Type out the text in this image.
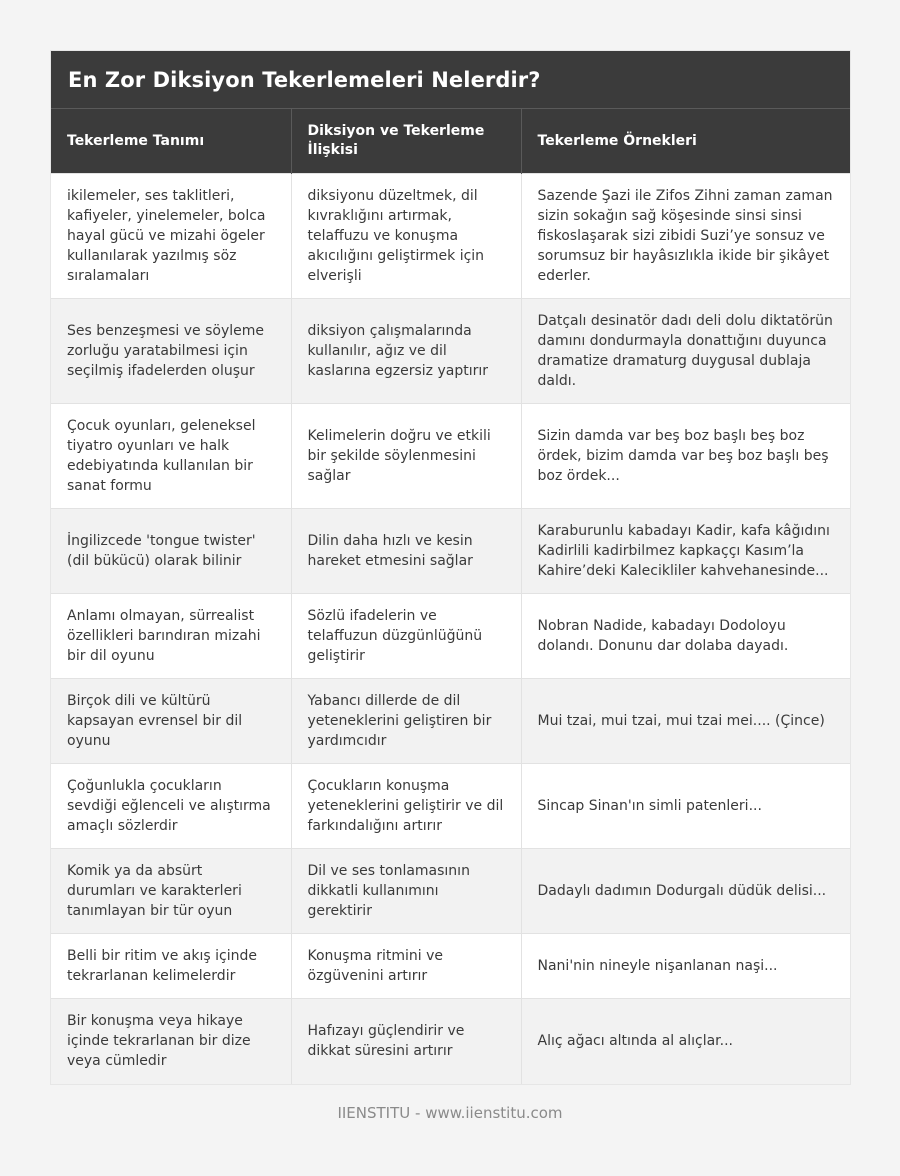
En Zor Diksiyon Tekerlemeleri Nelerdir?
Tekerleme Tanımı	Diksiyon ve Tekerleme İlişkisi	Tekerleme Örnekleri
ikilemeler, ses taklitleri, kafiyeler, yinelemeler, bolca hayal gücü ve mizahi ögeler kullanılarak yazılmış söz sıralamaları	diksiyonu düzeltmek, dil kıvraklığını artırmak, telaffuzu ve konuşma akıcılığını geliştirmek için elverişli	Sazende Şazi ile Zifos Zihni zaman zaman sizin sokağın sağ köşesinde sinsi sinsi fiskoslaşarak sizi zibidi Suzi’ye sonsuz ve sorumsuz bir hayâsızlıkla ikide bir şikâyet ederler.
Ses benzeşmesi ve söyleme zorluğu yaratabilmesi için seçilmiş ifadelerden oluşur	diksiyon çalışmalarında kullanılır, ağız ve dil kaslarına egzersiz yaptırır	Datçalı desinatör dadı deli dolu diktatörün damını dondurmayla donattığını duyunca dramatize dramaturg duygusal dublaja daldı.
Çocuk oyunları, geleneksel tiyatro oyunları ve halk edebiyatında kullanılan bir sanat formu	Kelimelerin doğru ve etkili bir şekilde söylenmesini sağlar	Sizin damda var beş boz başlı beş boz ördek, bizim damda var beş boz başlı beş boz ördek...
İngilizcede 'tongue twister' (dil bükücü) olarak bilinir	Dilin daha hızlı ve kesin hareket etmesini sağlar	Karaburunlu kabadayı Kadir, kafa kâğıdını Kadirlili kadirbilmez kapkaççı Kasım’la Kahire’deki Kalecikliler kahvehanesinde...
Anlamı olmayan, sürrealist özellikleri barındıran mizahi bir dil oyunu	Sözlü ifadelerin ve telaffuzun düzgünlüğünü geliştirir	Nobran Nadide, kabadayı Dodoloyu dolandı. Donunu dar dolaba dayadı.
Birçok dili ve kültürü kapsayan evrensel bir dil oyunu	Yabancı dillerde de dil yeteneklerini geliştiren bir yardımcıdır	Mui tzai, mui tzai, mui tzai mei.... (Çince)
Çoğunlukla çocukların sevdiği eğlenceli ve alıştırma amaçlı sözlerdir	Çocukların konuşma yeteneklerini geliştirir ve dil farkındalığını artırır	Sincap Sinan'ın simli patenleri...
Komik ya da absürt durumları ve karakterleri tanımlayan bir tür oyun	Dil ve ses tonlamasının dikkatli kullanımını gerektirir	Dadaylı dadımın Dodurgalı düdük delisi...
Belli bir ritim ve akış içinde tekrarlanan kelimelerdir	Konuşma ritmini ve özgüvenini artırır	Nani'nin nineyle nişanlanan naşi...
Bir konuşma veya hikaye içinde tekrarlanan bir dize veya cümledir	Hafızayı güçlendirir ve dikkat süresini artırır	Alıç ağacı altında al alıçlar...
IIENSTITU - www.iienstitu.com
